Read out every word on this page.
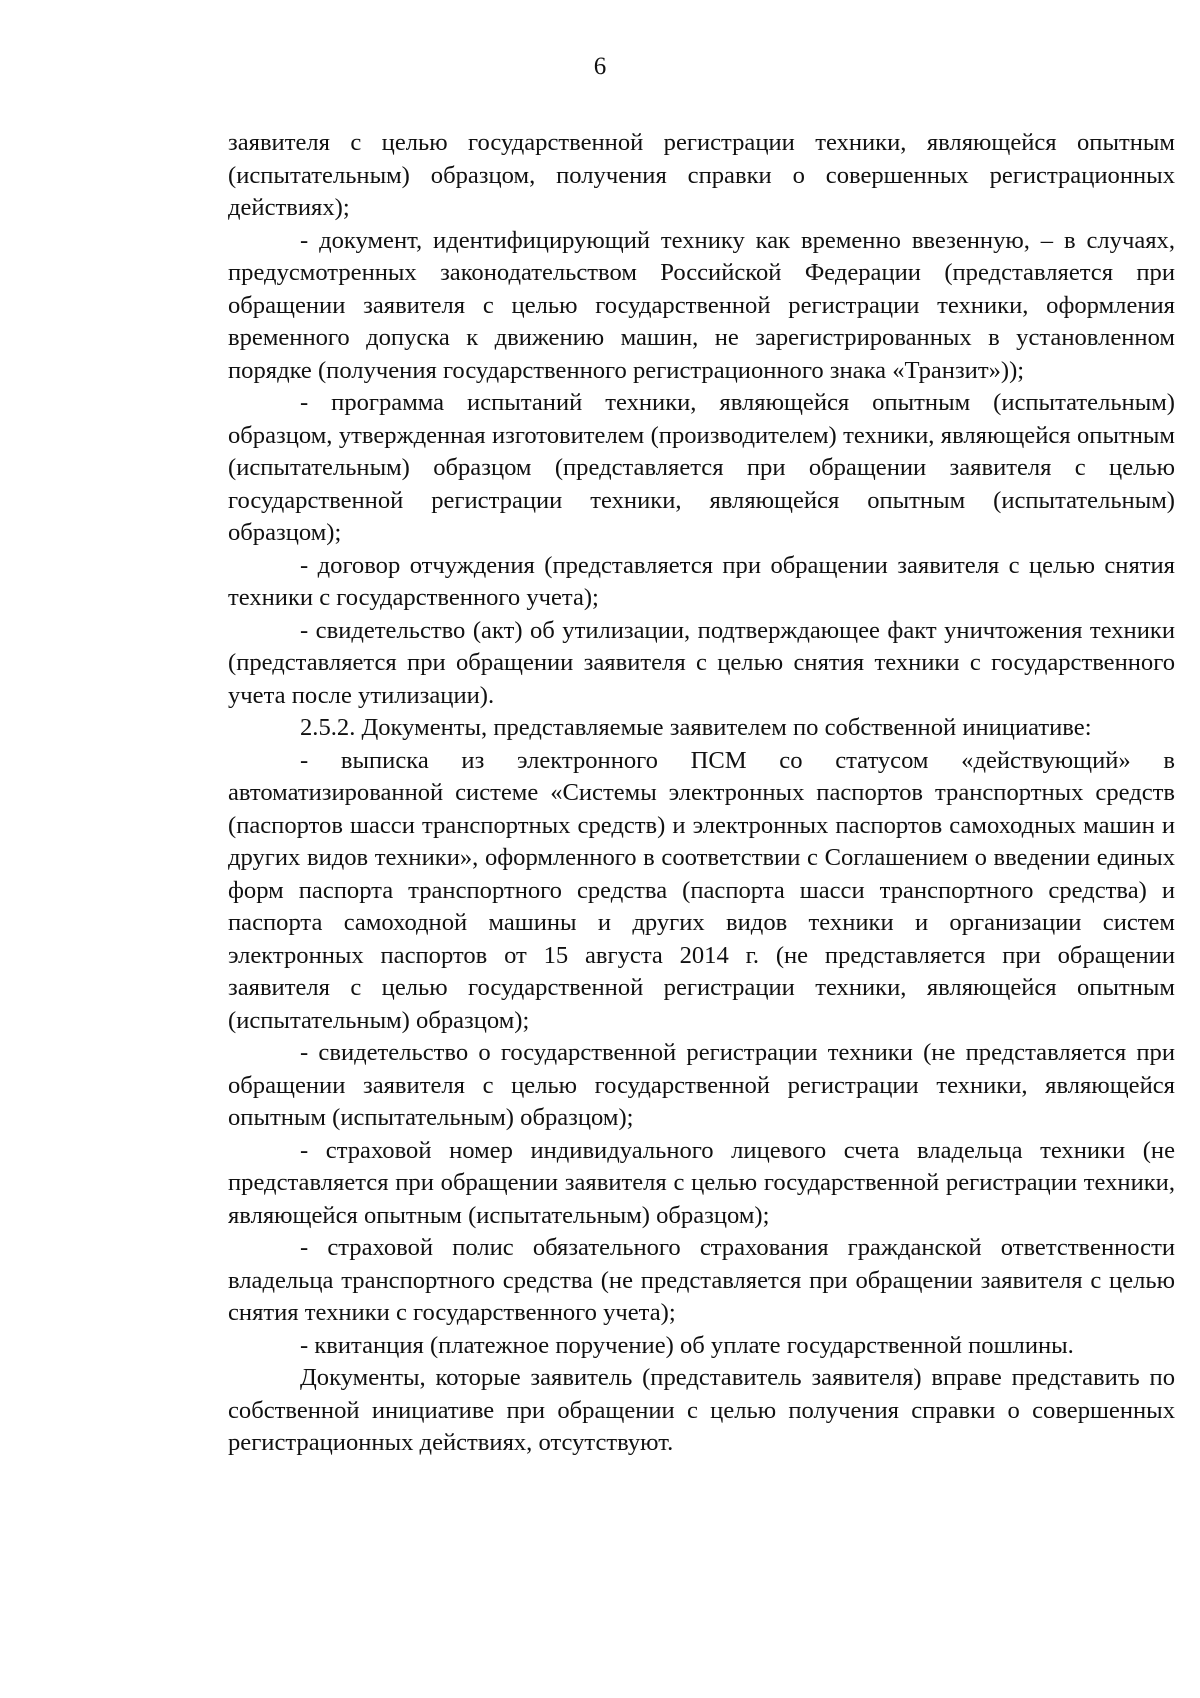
6

заявителя с целью государственной регистрации техники, являющейся опытным (испытательным) образцом, получения справки о совершенных регистрационных действиях);

- документ, идентифицирующий технику как временно ввезенную, – в случаях, предусмотренных законодательством Российской Федерации (представляется при обращении заявителя с целью государственной регистрации техники, оформления временного допуска к движению машин, не зарегистрированных в установленном порядке (получения государственного регистрационного знака «Транзит»));

- программа испытаний техники, являющейся опытным (испытательным) образцом, утвержденная изготовителем (производителем) техники, являющейся опытным (испытательным) образцом (представляется при обращении заявителя с целью государственной регистрации техники, являющейся опытным (испытательным) образцом);

- договор отчуждения (представляется при обращении заявителя с целью снятия техники с государственного учета);

- свидетельство (акт) об утилизации, подтверждающее факт уничтожения техники (представляется при обращении заявителя с целью снятия техники с государственного учета после утилизации).

2.5.2. Документы, представляемые заявителем по собственной инициативе:

- выписка из электронного ПСМ со статусом «действующий» в автоматизированной системе «Системы электронных паспортов транспортных средств (паспортов шасси транспортных средств) и электронных паспортов самоходных машин и других видов техники», оформленного в соответствии с Соглашением о введении единых форм паспорта транспортного средства (паспорта шасси транспортного средства) и паспорта самоходной машины и других видов техники и организации систем электронных паспортов от 15 августа 2014 г. (не представляется при обращении заявителя с целью государственной регистрации техники, являющейся опытным (испытательным) образцом);

- свидетельство о государственной регистрации техники (не представляется при обращении заявителя с целью государственной регистрации техники, являющейся опытным (испытательным) образцом);

- страховой номер индивидуального лицевого счета владельца техники (не представляется при обращении заявителя с целью государственной регистрации техники, являющейся опытным (испытательным) образцом);

- страховой полис обязательного страхования гражданской ответственности владельца транспортного средства (не представляется при обращении заявителя с целью снятия техники с государственного учета);

- квитанция (платежное поручение) об уплате государственной пошлины.

Документы, которые заявитель (представитель заявителя) вправе представить по собственной инициативе при обращении с целью получения справки о совершенных регистрационных действиях, отсутствуют.
